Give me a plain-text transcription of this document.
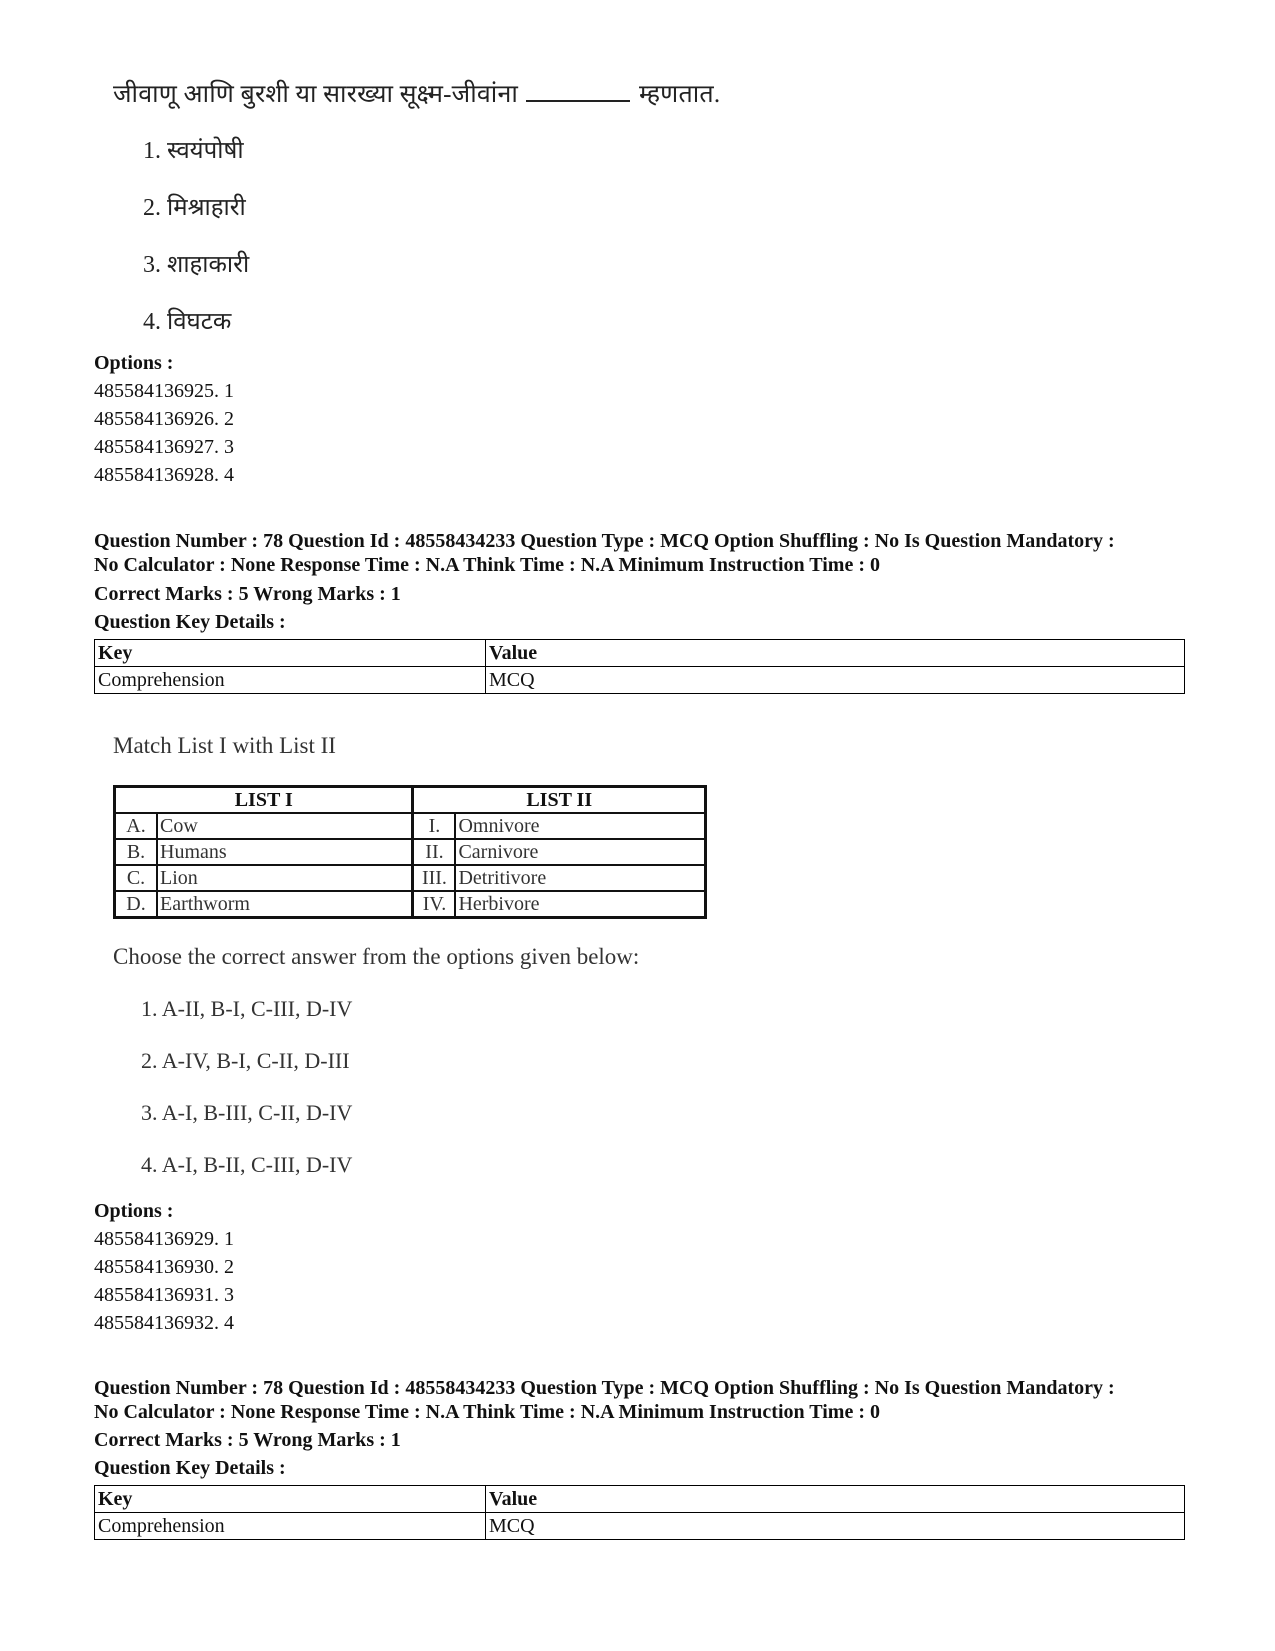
जीवाणू आणि बुरशी या सारख्या सूक्ष्म-जीवांना	म्हणतात.
1. स्वयंपोषी
2. मिश्राहारी
3. शाहाकारी
4. विघटक
Options :
485584136925. 1
485584136926. 2
485584136927. 3
485584136928. 4
Question Number : 78 Question Id : 48558434233 Question Type : MCQ Option Shuffling : No Is Question Mandatory :
No Calculator : None Response Time : N.A Think Time : N.A Minimum Instruction Time : 0
Correct Marks : 5 Wrong Marks : 1
Question Key Details :
Key	Value
Comprehension	MCQ
Match List I with List II
LIST I		LIST II	
A.	Cow	I.	Omnivore
B.	Humans	II.	Carnivore
C.	Lion	III.	Detritivore
D.	Earthworm	IV.	Herbivore
Choose the correct answer from the options given below:
1. A-II, B-I, C-III, D-IV
2. A-IV, B-I, C-II, D-III
3. A-I, B-III, C-II, D-IV
4. A-I, B-II, C-III, D-IV
Options :
485584136929. 1
485584136930. 2
485584136931. 3
485584136932. 4
Question Number : 78 Question Id : 48558434233 Question Type : MCQ Option Shuffling : No Is Question Mandatory :
No Calculator : None Response Time : N.A Think Time : N.A Minimum Instruction Time : 0
Correct Marks : 5 Wrong Marks : 1
Question Key Details :
Key	Value
Comprehension	MCQ
